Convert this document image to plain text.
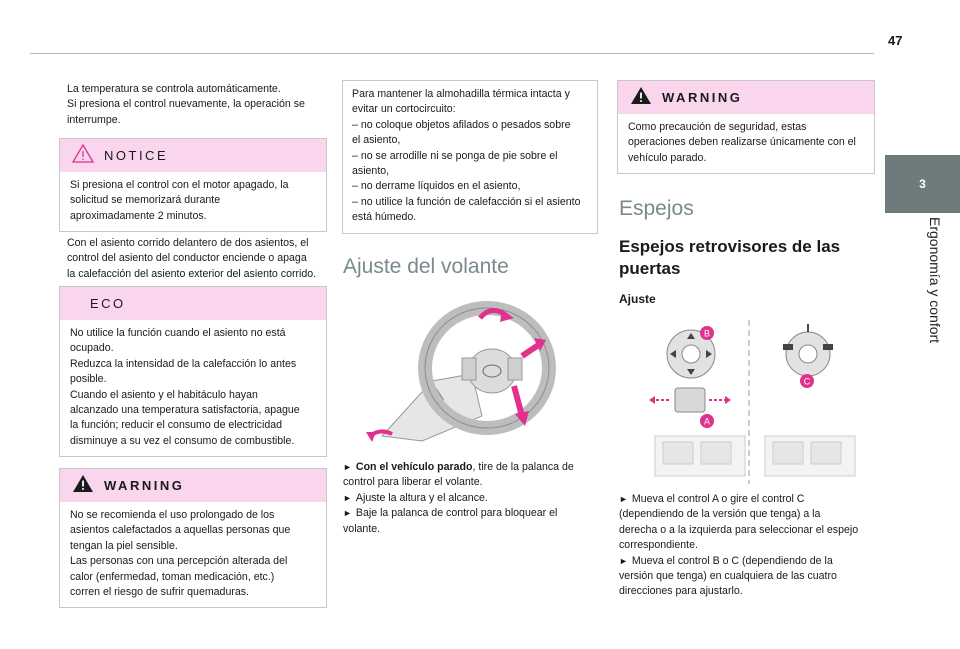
47
3
Ergonomía y confort

La temperatura se controla automáticamente.

Si presiona el control nuevamente, la operación se

interrumpe.

NOTICE

Si presiona el control con el motor apagado, la

solicitud se memorizará durante

aproximadamente 2 minutos.

Con el asiento corrido delantero de dos asientos, el

control del asiento del conductor enciende o apaga

la calefacción del asiento exterior del asiento corrido.

ECO

No utilice la función cuando el asiento no está

ocupado.

Reduzca la intensidad de la calefacción lo antes

posible.

Cuando el asiento y el habitáculo hayan

alcanzado una temperatura satisfactoria, apague

la función; reducir el consumo de electricidad

disminuye a su vez el consumo de combustible.

WARNING

No se recomienda el uso prolongado de los

asientos calefactados a aquellas personas que

tengan la piel sensible.

Las personas con una percepción alterada del

calor (enfermedad, toman medicación, etc.)

corren el riesgo de sufrir quemaduras.

Para mantener la almohadilla térmica intacta y

evitar un cortocircuito:

– no coloque objetos afilados o pesados sobre

el asiento,

– no se arrodille ni se ponga de pie sobre el

asiento,

– no derrame líquidos en el asiento,

– no utilice la función de calefacción si el asiento

está húmedo.

Ajuste del volante

► Con el vehículo parado, tire de la palanca de

control para liberar el volante.

► Ajuste la altura y el alcance.

► Baje la palanca de control para bloquear el

volante.

WARNING

Como precaución de seguridad, estas

operaciones deben realizarse únicamente con el

vehículo parado.

Espejos
Espejos retrovisores de las
puertas
Ajuste
B
A
C

► Mueva el control A o gire el control C

(dependiendo de la versión que tenga) a la

derecha o a la izquierda para seleccionar el espejo

correspondiente.

► Mueva el control B o C (dependiendo de la

versión que tenga) en cualquiera de las cuatro

direcciones para ajustarlo.
